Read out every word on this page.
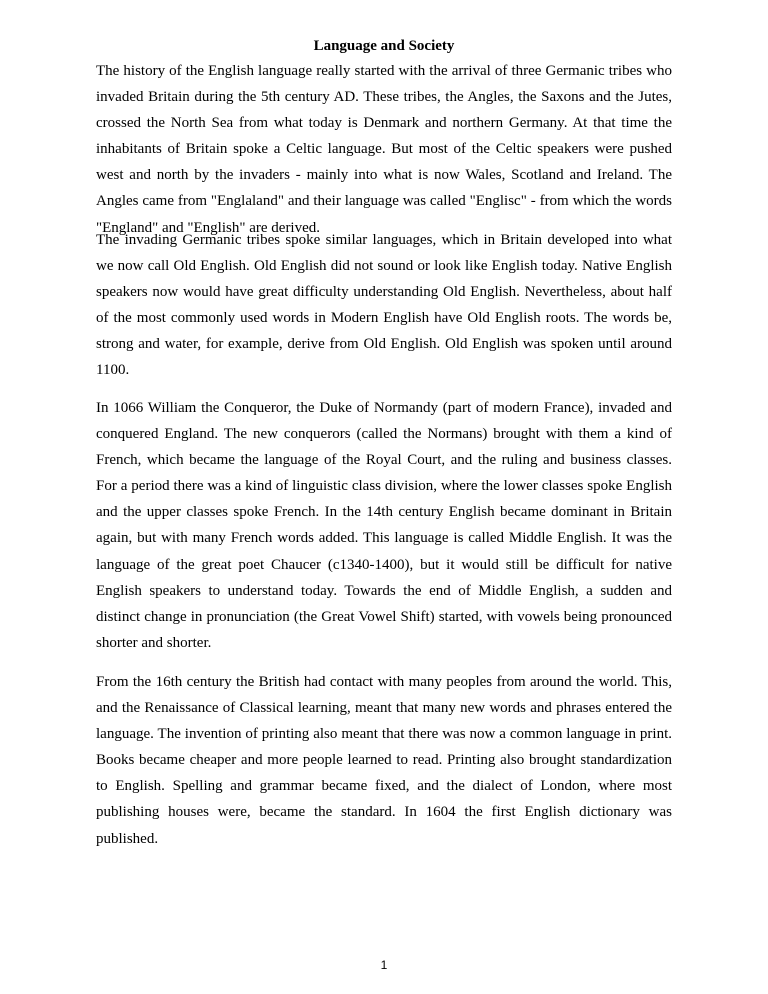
Language and Society
The history of the English language really started with the arrival of three Germanic tribes who
invaded Britain during the 5th century AD. These tribes, the Angles, the Saxons and the Jutes,
crossed the North Sea from what today is Denmark and northern Germany. At that time the
inhabitants of Britain spoke a Celtic language. But most of the Celtic speakers were pushed
west and north by the invaders - mainly into what is now Wales, Scotland and Ireland. The
Angles came from "Englaland" and their language was called "Englisc" - from which the words
"England" and "English" are derived.
The invading Germanic tribes spoke similar languages, which in Britain developed into what
we now call Old English. Old English did not sound or look like English today. Native English
speakers now would have great difficulty understanding Old English. Nevertheless, about half
of the most commonly used words in Modern English have Old English roots. The words be,
strong and water, for example, derive from Old English. Old English was spoken until around
1100.
In 1066 William the Conqueror, the Duke of Normandy (part of modern France), invaded and
conquered England. The new conquerors (called the Normans) brought with them a kind of
French, which became the language of the Royal Court, and the ruling and business classes.
For a period there was a kind of linguistic class division, where the lower classes spoke English
and the upper classes spoke French. In the 14th century English became dominant in Britain
again, but with many French words added. This language is called Middle English. It was the
language of the great poet Chaucer (c1340-1400), but it would still be difficult for native
English speakers to understand today. Towards the end of Middle English, a sudden and
distinct change in pronunciation (the Great Vowel Shift) started, with vowels being pronounced
shorter and shorter.
From the 16th century the British had contact with many peoples from around the world. This,
and the Renaissance of Classical learning, meant that many new words and phrases entered the
language. The invention of printing also meant that there was now a common language in print.
Books became cheaper and more people learned to read. Printing also brought standardization
to English. Spelling and grammar became fixed, and the dialect of London, where most
publishing houses were, became the standard. In 1604 the first English dictionary was
published.
1
